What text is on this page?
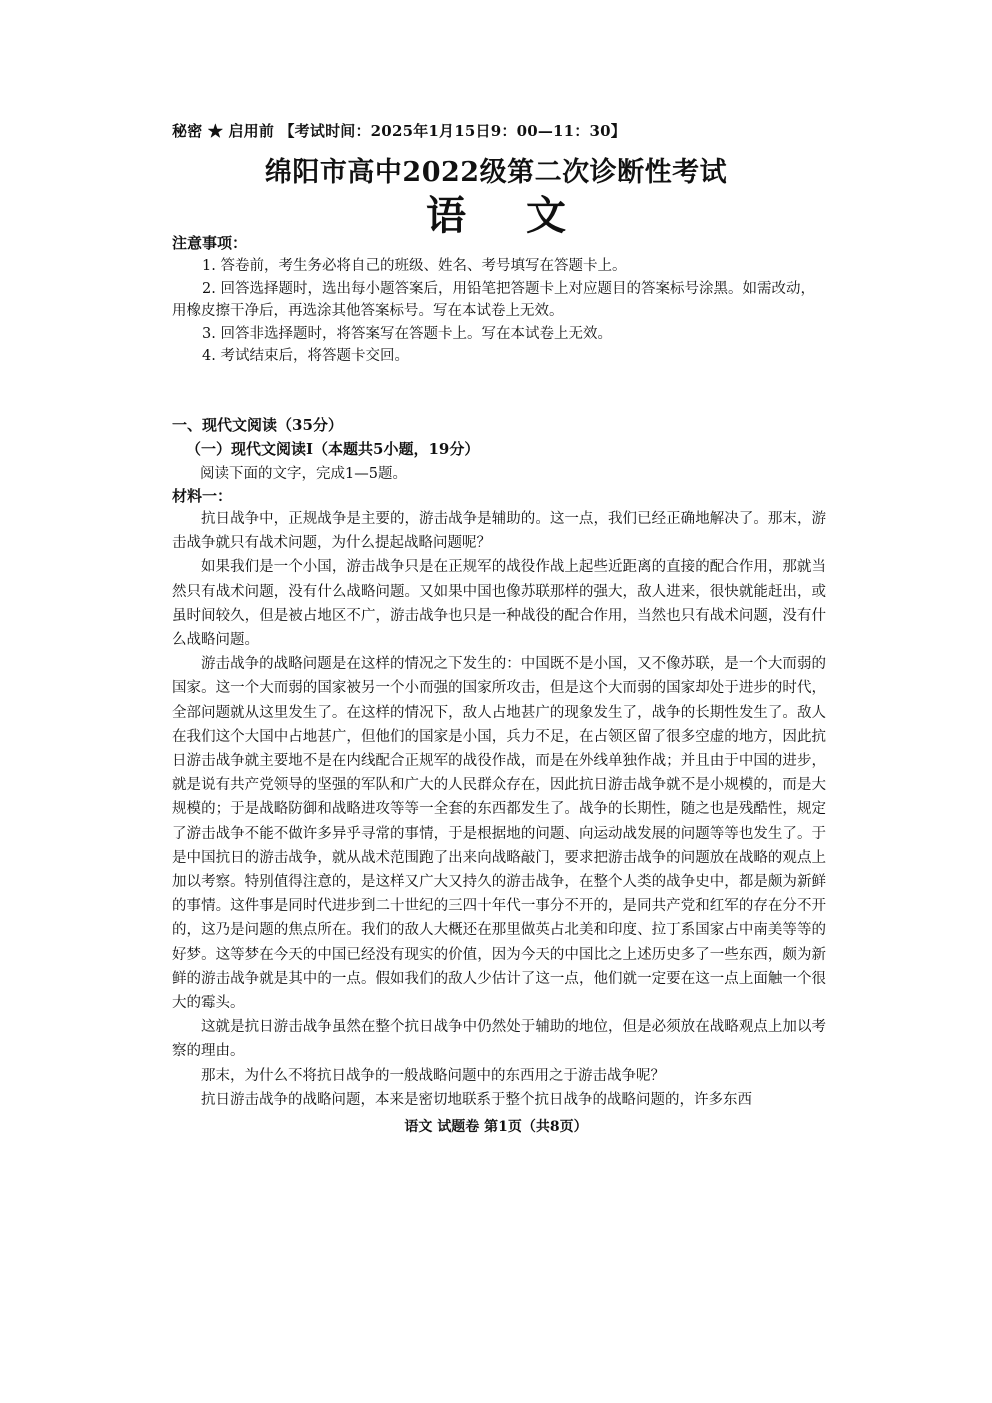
秘密 ★ 启用前 【考试时间：2025年1月15日9：00—11：30】
绵阳市高中2022级第二次诊断性考试
语文
注意事项：

1. 答卷前，考生务必将自己的班级、姓名、考号填写在答题卡上。

2. 回答选择题时，选出每小题答案后，用铅笔把答题卡上对应题目的答案标号涂黑。如需改动，用橡皮擦干净后，再选涂其他答案标号。写在本试卷上无效。

3. 回答非选择题时，将答案写在答题卡上。写在本试卷上无效。

4. 考试结束后，将答题卡交回。

一、现代文阅读（35分）
（一）现代文阅读Ⅰ（本题共5小题，19分）
阅读下面的文字，完成1—5题。
材料一：

抗日战争中，正规战争是主要的，游击战争是辅助的。这一点，我们已经正确地解决了。那末，游击战争就只有战术问题，为什么提起战略问题呢？

如果我们是一个小国，游击战争只是在正规军的战役作战上起些近距离的直接的配合作用，那就当然只有战术问题，没有什么战略问题。又如果中国也像苏联那样的强大，敌人进来，很快就能赶出，或虽时间较久，但是被占地区不广，游击战争也只是一种战役的配合作用，当然也只有战术问题，没有什么战略问题。

游击战争的战略问题是在这样的情况之下发生的：中国既不是小国，又不像苏联，是一个大而弱的国家。这一个大而弱的国家被另一个小而强的国家所攻击，但是这个大而弱的国家却处于进步的时代，全部问题就从这里发生了。在这样的情况下，敌人占地甚广的现象发生了，战争的长期性发生了。敌人在我们这个大国中占地甚广，但他们的国家是小国，兵力不足，在占领区留了很多空虚的地方，因此抗日游击战争就主要地不是在内线配合正规军的战役作战，而是在外线单独作战；并且由于中国的进步，就是说有共产党领导的坚强的军队和广大的人民群众存在，因此抗日游击战争就不是小规模的，而是大规模的；于是战略防御和战略进攻等等一全套的东西都发生了。战争的长期性，随之也是残酷性，规定了游击战争不能不做许多异乎寻常的事情，于是根据地的问题、向运动战发展的问题等等也发生了。于是中国抗日的游击战争，就从战术范围跑了出来向战略敲门，要求把游击战争的问题放在战略的观点上加以考察。特别值得注意的，是这样又广大又持久的游击战争，在整个人类的战争史中，都是颇为新鲜的事情。这件事是同时代进步到二十世纪的三四十年代一事分不开的，是同共产党和红军的存在分不开的，这乃是问题的焦点所在。我们的敌人大概还在那里做英占北美和印度、拉丁系国家占中南美等等的好梦。这等梦在今天的中国已经没有现实的价值，因为今天的中国比之上述历史多了一些东西，颇为新鲜的游击战争就是其中的一点。假如我们的敌人少估计了这一点，他们就一定要在这一点上面触一个很大的霉头。

这就是抗日游击战争虽然在整个抗日战争中仍然处于辅助的地位，但是必须放在战略观点上加以考察的理由。

那末，为什么不将抗日战争的一般战略问题中的东西用之于游击战争呢？

抗日游击战争的战略问题，本来是密切地联系于整个抗日战争的战略问题的，许多东西

语文 试题卷 第1页（共8页）
